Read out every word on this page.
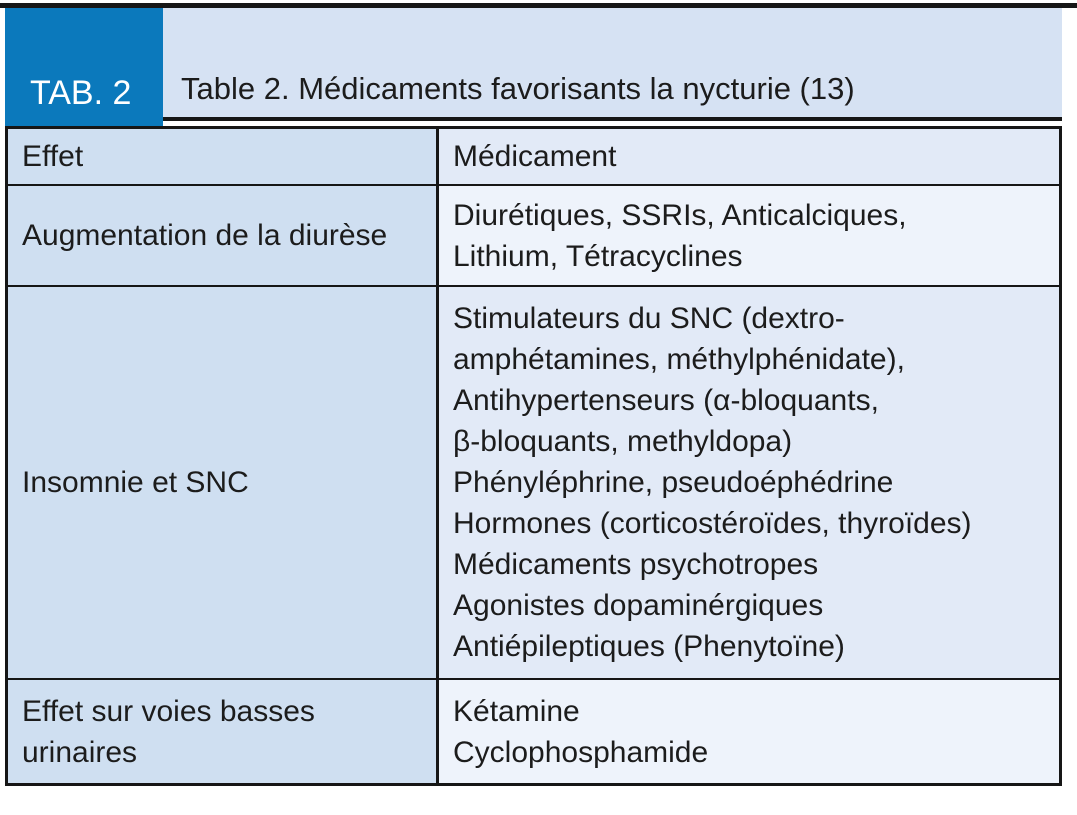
TAB. 2 Table 2. Médicaments favorisants la nycturie (13)
Effet	Médicament
Augmentation de la diurèse
Diurétiques, SSRIs, Anticalciques,
Lithium, Tétracyclines
Insomnie et SNC
Stimulateurs du SNC (dextro-
amphétamines, méthylphénidate),
Antihypertenseurs (α-bloquants,
β-bloquants, methyldopa)
Phényléphrine, pseudoéphédrine
Hormones (corticostéroïdes, thyroïdes)
Médicaments psychotropes
Agonistes dopaminérgiques
Antiépileptiques (Phenytoïne)
Effet sur voies basses urinaires
Kétamine
Cyclophosphamide
